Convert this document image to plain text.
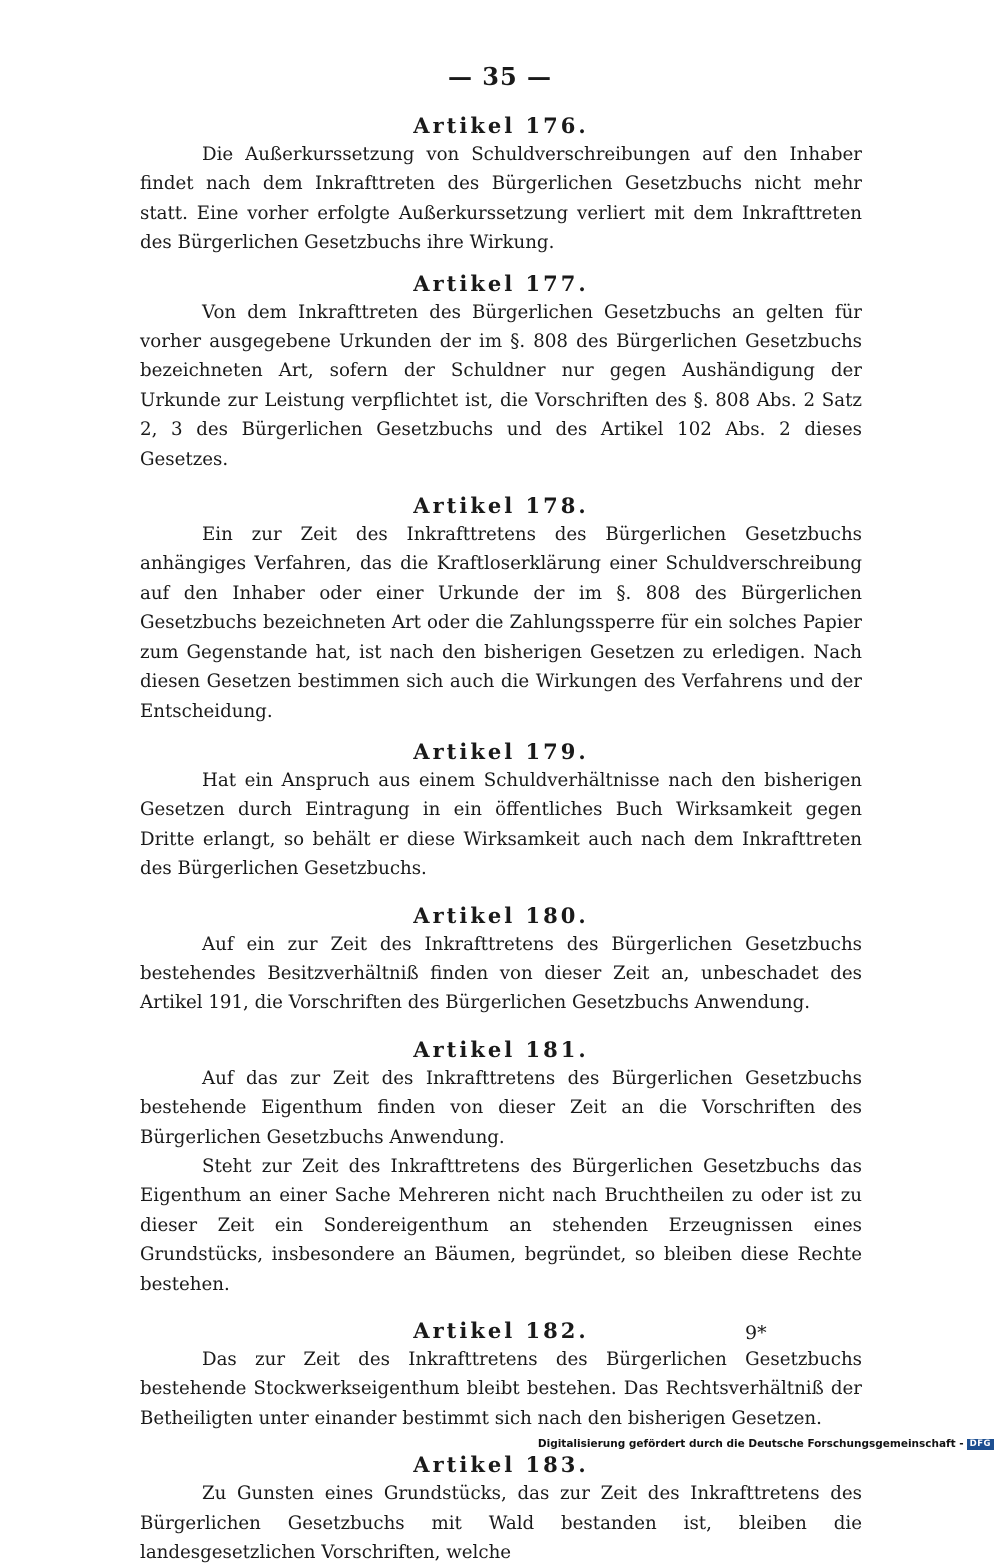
— 35 —
Artikel 176.

Die Außerkurssetzung von Schuldverschreibungen auf den Inhaber findet nach dem Inkrafttreten des Bürgerlichen Gesetzbuchs nicht mehr statt. Eine vorher erfolgte Außerkurssetzung verliert mit dem Inkrafttreten des Bürgerlichen Gesetzbuchs ihre Wirkung.

Artikel 177.

Von dem Inkrafttreten des Bürgerlichen Gesetzbuchs an gelten für vorher ausgegebene Urkunden der im §. 808 des Bürgerlichen Gesetzbuchs bezeichneten Art, sofern der Schuldner nur gegen Aushändigung der Urkunde zur Leistung verpflichtet ist, die Vorschriften des §. 808 Abs. 2 Satz 2, 3 des Bürgerlichen Gesetzbuchs und des Artikel 102 Abs. 2 dieses Gesetzes.

Artikel 178.

Ein zur Zeit des Inkrafttretens des Bürgerlichen Gesetzbuchs anhängiges Verfahren, das die Kraftloserklärung einer Schuldverschreibung auf den Inhaber oder einer Urkunde der im §. 808 des Bürgerlichen Gesetzbuchs bezeichneten Art oder die Zahlungssperre für ein solches Papier zum Gegenstande hat, ist nach den bisherigen Gesetzen zu erledigen. Nach diesen Gesetzen bestimmen sich auch die Wirkungen des Verfahrens und der Entscheidung.

Artikel 179.

Hat ein Anspruch aus einem Schuldverhältnisse nach den bisherigen Gesetzen durch Eintragung in ein öffentliches Buch Wirksamkeit gegen Dritte erlangt, so behält er diese Wirksamkeit auch nach dem Inkrafttreten des Bürgerlichen Gesetzbuchs.

Artikel 180.

Auf ein zur Zeit des Inkrafttretens des Bürgerlichen Gesetzbuchs bestehendes Besitzverhältniß finden von dieser Zeit an, unbeschadet des Artikel 191, die Vorschriften des Bürgerlichen Gesetzbuchs Anwendung.

Artikel 181.

Auf das zur Zeit des Inkrafttretens des Bürgerlichen Gesetzbuchs bestehende Eigenthum finden von dieser Zeit an die Vorschriften des Bürgerlichen Gesetzbuchs Anwendung.

Steht zur Zeit des Inkrafttretens des Bürgerlichen Gesetzbuchs das Eigenthum an einer Sache Mehreren nicht nach Bruchtheilen zu oder ist zu dieser Zeit ein Sondereigenthum an stehenden Erzeugnissen eines Grundstücks, insbesondere an Bäumen, begründet, so bleiben diese Rechte bestehen.

Artikel 182.

Das zur Zeit des Inkrafttretens des Bürgerlichen Gesetzbuchs bestehende Stockwerkseigenthum bleibt bestehen. Das Rechtsverhältniß der Betheiligten unter einander bestimmt sich nach den bisherigen Gesetzen.

Artikel 183.

Zu Gunsten eines Grundstücks, das zur Zeit des Inkrafttretens des Bürgerlichen Gesetzbuchs mit Wald bestanden ist, bleiben die landesgesetzlichen Vorschriften, welche

9*
Digitalisierung gefördert durch die Deutsche Forschungsgemeinschaft - DFG
